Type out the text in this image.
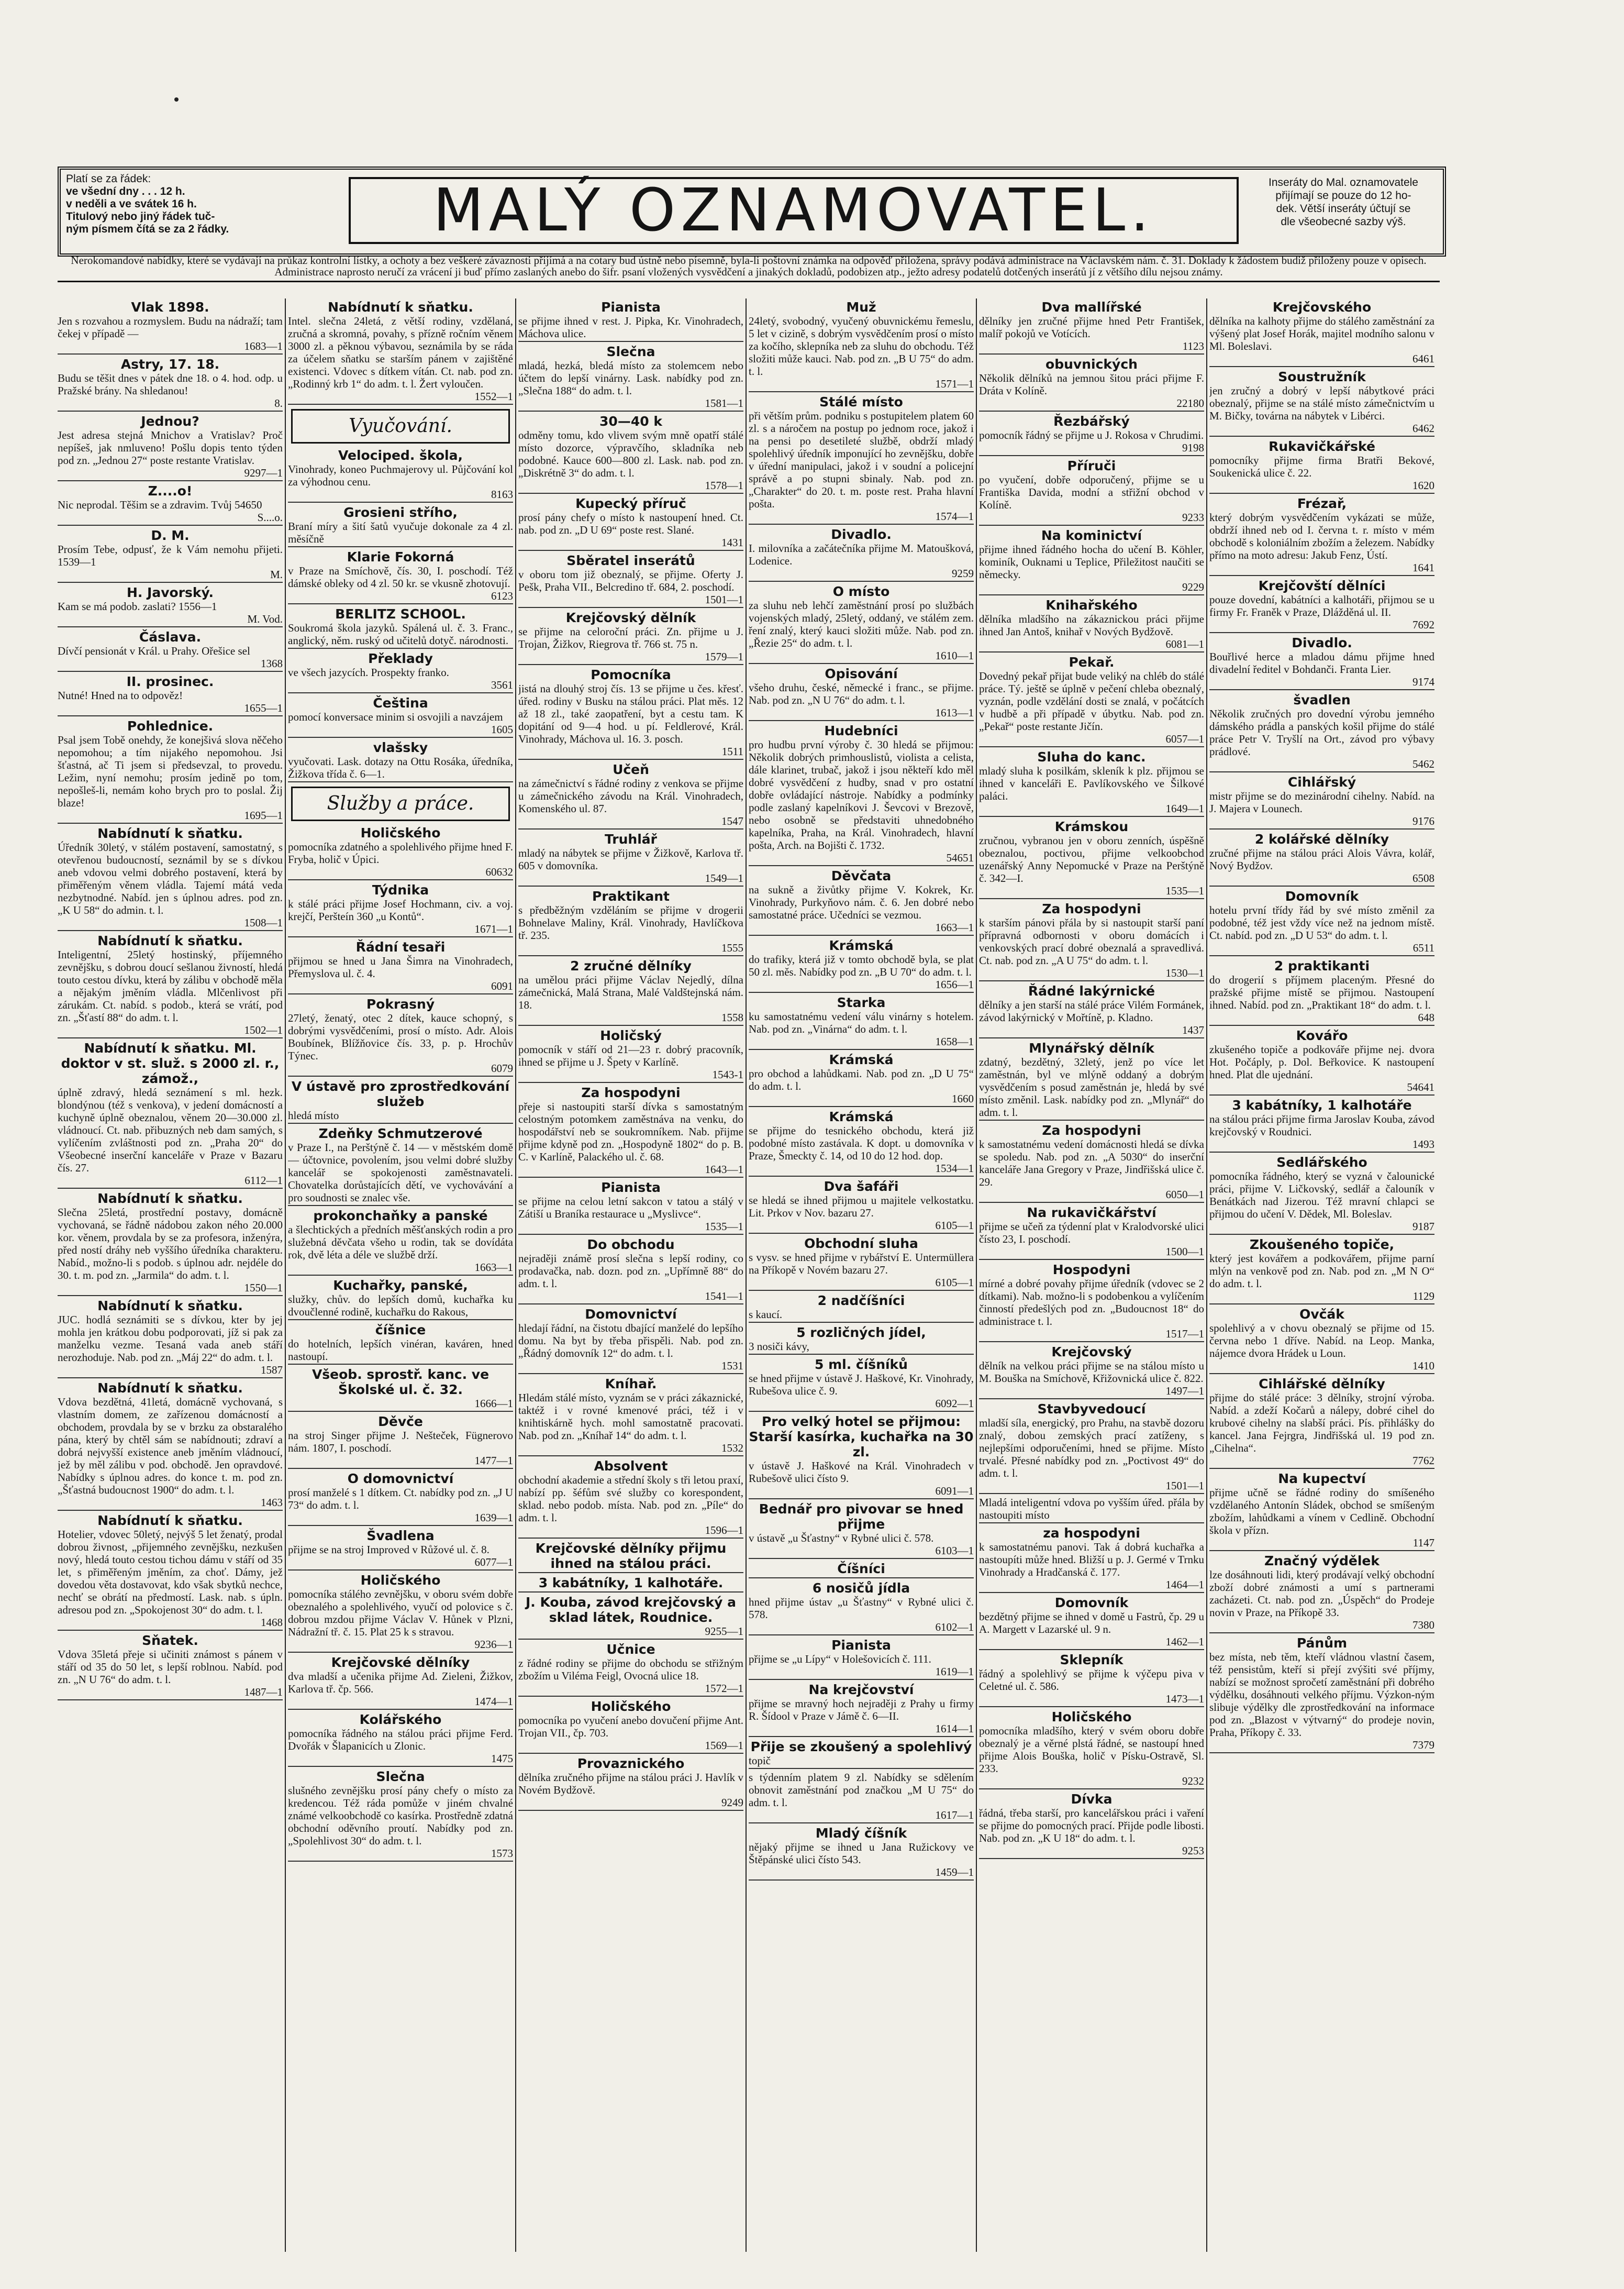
Platí se za řádek:
ve všední dny . . . 12 h.
v neděli a ve svátek 16 h.
Titulový nebo jiný řádek tuč-
ným písmem čítá se za 2 řádky.	MALÝ OZNAMOVATEL.	Inseráty do Mal. oznamovatele
přijímají se pouze do 12 ho-
dek. Větší inseráty účtují se
dle všeobecné sazby výš.
Nerokomandové nabídky, které se vydávají na průkaz kontrolní lístky, a ochoty a bez veškeré závaznosti přijímá a na cotary bud ústně nebo písemně, byla-li poštovní známka na odpověď přiložena, správy podává administrace na Václavském nám. č. 31. Doklady k žádostem budiž přiloženy pouze v opisech. Administrace naprosto neručí za vrácení ji buď přímo zaslaných anebo do šifr. psaní vložených vysvědčení a jinakých dokladů, podobizen atp., ježto adresy podatelů dotčených inserátů jí z většího dílu nejsou známy.
Vlak 1898.
Jen s rozvahou a rozmyslem. Budu na nádraží; tam čekej v případě —
1683—1
Astry, 17. 18.
Budu se těšit dnes v pátek dne 18. o 4. hod. odp. u Pražské brány. Na shledanou!
8.
Jednou?
Jest adresa stejná Mnichov a Vratislav? Proč nepíšeš, jak nmluveno! Pošlu dopis tento týden pod zn. „Jednou 27“ poste restante Vratislav.
9297—1
Z....o!
Nic neprodal. Těšim se a zdravim. Tvůj 54650
S....o.
D. M.
Prosím Tebe, odpusť, že k Vám nemohu přijeti. 1539—1
M.
H. Javorský.
Kam se má podob. zaslati? 1556—1
M. Vod.
Čáslava.
Dívčí pensionát v Král. u Prahy. Ořešice sel
1368
II. prosinec.
Nutné! Hned na to odpověz!
1655—1
Pohlednice.
Psal jsem Tobě onehdy, že konejšivá slova něčeho nepomohou; a tím nijakého nepomohou. Jsi šťastná, ač Ti jsem si předsevzal, to provedu. Ležim, nyní nemohu; prosím jedině po tom, nepošleš-li, nemám koho brych pro to poslal. Žij blaze!
1695—1
Nabídnutí k sňatku.
Úředník 30letý, v stálém postavení, samostatný, s otevřenou budoucností, seznámil by se s dívkou aneb vdovou velmi dobrého postavení, která by přiměřeným věnem vládla. Tajemí mátá veda nezbytnodné. Nabíd. jen s úplnou adres. pod zn. „K U 58“ do admin. t. l.
1508—1
Nabídnutí k sňatku.
Inteligentní, 25letý hostinský, příjemného zevnějšku, s dobrou doucí sešlanou živností, hledá touto cestou dívku, která by zálibu v obchodě měla a nějakým jměním vládla. Mlčenlivost při zárukám. Ct. nabíd. s podob., která se vrátí, pod zn. „Šťastí 88“ do adm. t. l.
1502—1
Nabídnutí k sňatku. Ml. doktor v st. služ. s 2000 zl. r., zámož.,
úplně zdravý, hledá seznámení s ml. hezk. blondýnou (též s venkova), v jedení domácností a kuchyně úplně obeznalou, věnem 20—30.000 zl. vládnoucí. Ct. nab. přibuzných neb dam samých, s vylíčením zvláštnosti pod zn. „Praha 20“ do Všeobecné inserční kanceláře v Praze v Bazaru čís. 27.
6112—1
Nabídnutí k sňatku.
Slečna 25letá, prostřední postavy, domácně vychovaná, se řádně nádobou zakon ného 20.000 kor. věnem, provdala by se za profesora, inženýra, před ností dráhy neb vyššího úředníka charakteru. Nabíd., možno-li s podob. s úplnou adr. nejdéle do 30. t. m. pod zn. „Jarmila“ do adm. t. l.
1550—1
Nabídnutí k sňatku.
JUC. hodlá seznámiti se s dívkou, kter by jej mohla jen krátkou dobu podporovati, jíž si pak za manželku vezme. Tesaná vada aneb stáří nerozhoduje. Nab. pod zn. „Máj 22“ do adm. t. l.
1587
Nabídnutí k sňatku.
Vdova bezdětná, 41letá, domácně vychovaná, s vlastním domem, ze zařízenou domácností a obchodem, provdala by se v brzku za obstaralého pána, který by chtěl sám se nabídnouti; zdraví a dobrá nejvyšší existence aneb jměním vládnoucí, jež by měl zálibu v pod. obchodě. Jen opravdové. Nabídky s úplnou adres. do konce t. m. pod zn. „Šťastná budoucnost 1900“ do adm. t. l.
1463
Nabídnutí k sňatku.
Hotelier, vdovec 50letý, nejvýš 5 let ženatý, prodal dobrou živnost, „přijemného zevnějšku, nezkušen nový, hledá touto cestou tichou dámu v stáří od 35 let, s přiměřeným jměním, za choť. Dámy, jež dovedou věta dostavovat, kdo však sbytků nechce, nechť se obrátí na předmostí. Lask. nab. s úpln. adresou pod zn. „Spokojenost 30“ do adm. t. l.
1468
Sňatek.
Vdova 35letá přeje si učiniti známost s pánem v stáří od 35 do 50 let, s lepší roblnou. Nabíd. pod zn. „N U 76“ do adm. t. l.
1487—1
Nabídnutí k sňatku.
Intel. slečna 24letá, z větší rodiny, vzdělaná, zručná a skromná, povahy, s přízně ročním věnem 3000 zl. a pěknou výbavou, seznámila by se ráda za účelem sňatku se starším pánem v zajištěné existenci. Vdovec s dítkem vítán. Ct. nab. pod zn. „Rodinný krb 1“ do adm. t. l. Žert vyloučen.
1552—1
Vyučování.
Velociped. škola,
Vinohrady, koneo Puchmajerovy ul. Půjčování kol za výhodnou cenu.
8163
Grosieni střího,
Braní míry a šití šatů vyučuje dokonale za 4 zl. měsíčně
Klarie Fokorná
v Praze na Smíchově, čís. 30, I. poschodí. Též dámské obleky od 4 zl. 50 kr. se vkusně zhotovují.
6123
BERLITZ SCHOOL.
Soukromá škola jazyků. Spálená ul. č. 3. Franc., anglický, něm. ruský od učitelů dotyč. národnosti.
Překlady
ve všech jazycích. Prospekty franko.
3561
Čeština
pomocí konversace minim si osvojili a navzájem
1605
vlašsky
vyučovati. Lask. dotazy na Ottu Rosáka, úředníka, Žižkova třída č. 6—1.
Služby a práce.
Holičského
pomocníka zdatného a spolehlivého přijme hned F. Fryba, holič v Úpici.
60632
Týdnika
k stálé práci přijme Josef Hochmann, civ. a voj. krejčí, Peršteín 360 „u Kontů“.
1671—1
Řádní tesaři
přijmou se hned u Jana Šimra na Vinohradech, Přemyslova ul. č. 4.
6091
Pokrasný
27letý, ženatý, otec 2 dítek, kauce schopný, s dobrými vysvědčeními, prosí o místo. Adr. Alois Boubínek, Blížňovice čís. 33, p. p. Hrochův Týnec.
6079
V ústavě pro zprostředkování služeb
hledá místo
Zdeňky Schmutzerové
v Praze I., na Perštýně č. 14 — v městském domě — účtovnice, povolením, jsou velmi dobré služby kancelář se spokojenosti zaměstnavateli. Chovatelka dorůstajících dětí, ve vychovávání a pro soudnosti se znalec vše.
prokonchaňky a panské
a šlechtických a předních měšťanských rodin a pro služebná děvčata všeho u rodin, tak se dovídáta rok, dvě léta a déle ve službě drží.
1663—1
Kuchařky, panské,
služky, chův. do lepších domů, kuchařka ku dvoučlenné rodině, kuchařku do Rakous,
číšnice
do hotelních, lepších vinéran, kaváren, hned nastoupí.
Všeob. sprostř. kanc. ve Školské ul. č. 32.
1666—1
Děvče
na stroj Singer přijme J. Nešteček, Fügnerovo nám. 1807, I. poschodí.
1477—1
O domovnictví
prosí manželé s 1 dítkem. Ct. nabídky pod zn. „J U 73“ do adm. t. l.
1639—1
Švadlena
přijme se na stroj Improved v Růžové ul. č. 8.
6077—1
Holičského
pomocníka stálého zevnějšku, v oboru svém dobře obeznalého a spolehlivého, vyučí od polovice s č. dobrou mzdou přijme Václav V. Hůnek v Plzni, Nádražní tř. č. 15. Plat 25 k s stravou.
9236—1
Krejčovské dělníky
dva mladší a učenika přijme Ad. Zieleni, Žižkov, Karlova tř. čp. 566.
1474—1
Kolářského
pomocníka řádného na stálou práci přijme Ferd. Dvořák v Šlapanicích u Zlonic.
1475
Slečna
slušného zevnějšku prosí pány chefy o místo za kredencou. Též ráda pomůže v jiném chvalné známé velkoobchodě co kasírka. Prostředně zdatná obchodní oděvního proutí. Nabídky pod zn. „Spolehlivost 30“ do adm. t. l.
1573
Pianista
se přijme ihned v rest. J. Pipka, Kr. Vinohradech, Máchova ulice.
Slečna
mladá, hezká, bledá místo za stolemcem nebo účtem do lepší vinárny. Lask. nabídky pod zn. „Slečna 188“ do adm. t. l.
1581—1
30—40 k
odměny tomu, kdo vlivem svým mně opatří stálé místo dozorce, výpravčího, skladníka neb podobné. Kauce 600—800 zl. Lask. nab. pod zn. „Diskrétně 3“ do adm. t. l.
1578—1
Kupecký příruč
prosí pány chefy o místo k nastoupení hned. Ct. nab. pod zn. „D U 69“ poste rest. Slané.
1431
Sběratel inserátů
v oboru tom již obeznalý, se přijme. Oferty J. Pešk, Praha VII., Belcredino tř. 684, 2. poschodí.
1501—1
Krejčovský dělník
se přijme na celoroční práci. Zn. přijme u J. Trojan, Žižkov, Riegrova tř. 766 st. 75 n.
1579—1
Pomocníka
jistá na dlouhý stroj čís. 13 se přijme u čes. křesť. úřed. rodiny v Busku na stálou práci. Plat měs. 12 až 18 zl., také zaopatření, byt a cestu tam. K dopitání od 9—4 hod. u pí. Feldlerové, Král. Vinohrady, Máchova ul. 16. 3. posch.
1511
Učeň
na zámečnictví s řádné rodiny z venkova se přijme u zámečnického závodu na Král. Vinohradech, Komenského ul. 87.
1547
Truhlář
mladý na nábytek se přijme v Žižkově, Karlova tř. 605 v domovníka.
1549—1
Praktikant
s předběžným vzděláním se přijme v drogerii Bohnelave Maliny, Král. Vinohrady, Havlíčkova tř. 235.
1555
2 zručné dělníky
na umělou práci přijme Václav Nejedlý, dílna zámečnická, Malá Strana, Malé Valdštejnská nám. 18.
1558
Holičský
pomocník v stáří od 21—23 r. dobrý pracovník, ihned se přijme u J. Špety v Karlíně.
1543-1
Za hospodyni
přeje si nastoupiti starší dívka s samostatným celostným potomkem zaměstnáva na venku, do hospodářství neb se soukromníkem. Nab. přijme přijme kdyně pod zn. „Hospodyně 1802“ do p. B. C. v Karlíně, Palackého ul. č. 68.
1643—1
Pianista
se přijme na celou letní sakcon v tatou a stálý v Zátiší u Braníka restaurace u „Myslivce“.
1535—1
Do obchodu
nejraději známě prosí slečna s lepší rodiny, co prodavačka, nab. dozn. pod zn. „Upřímně 88“ do adm. t. l.
1541—1
Domovnictví
hledají řádní, na čistotu dbající manželé do lepšího domu. Na byt by třeba přispěli. Nab. pod zn. „Řádný domovník 12“ do adm. t. l.
1531
Kníhař.
Hledám stálé místo, vyznám se v práci zákaznické, taktéž i v rovné kmenové práci, též i v knihtiskárně hych. mohl samostatně pracovati. Nab. pod zn. „Kníhař 14“ do adm. t. l.
1532
Absolvent
obchodní akademie a střední školy s tři letou praxí, nabízí pp. šéfům své služby co korespondent, sklad. nebo podob. místa. Nab. pod zn. „Píle“ do adm. t. l.
1596—1
Krejčovské dělníky přijmu ihned na stálou práci.
3 kabátníky, 1 kalhotáře.
J. Kouba, závod krejčovský a sklad látek, Roudnice.
9255—1
Učnice
z řádné rodiny se přijme do obchodu se střižným zbožím u Viléma Feigl, Ovocná ulice 18.
1572—1
Holičského
pomocníka po vyučení anebo dovučení přijme Ant. Trojan VII., čp. 703.
1569—1
Provaznického
dělníka zručného přijme na stálou práci J. Havlík v Novém Bydžově.
9249
Muž
24letý, svobodný, vyučený obuvnickému řemeslu, 5 let v cizině, s dobrým vysvědčením prosí o místo za kočího, sklepníka neb za sluhu do obchodu. Též složiti může kauci. Nab. pod zn. „B U 75“ do adm. t. l.
1571—1
Stálé místo
při větším prům. podniku s postupitelem platem 60 zl. s a náročem na postup po jednom roce, jakož i na pensi po desetileté službě, obdrží mladý spolehlivý úředník imponující ho zevnějšku, dobře v úřední manipulaci, jakož i v soudní a policejní správě a po stupni sbinaly. Nab. pod zn. „Charakter“ do 20. t. m. poste rest. Praha hlavní pošta.
1574—1
Divadlo.
I. milovníka a začátečníka přijme M. Matoušková, Lodenice.
9259
O místo
za sluhu neb lehčí zaměstnání prosí po službách vojenských mladý, 25letý, oddaný, ve stálém zem. ření znalý, který kauci složiti může. Nab. pod zn. „Řezie 25“ do adm. t. l.
1610—1
Opisování
všeho druhu, české, německé i franc., se přijme. Nab. pod zn. „N U 76“ do adm. t. l.
1613—1
Hudebníci
pro hudbu první výroby č. 30 hledá se přijmou: Několik dobrých primhouslistů, violista a celista, dále klarinet, trubač, jakož i jsou někteří kdo měl dobré vysvědčení z hudby, snad v pro ostatní dobře ovládající nástroje. Nabídky a podmínky podle zaslaný kapelníkovi J. Ševcovi v Brezově, nebo osobně se představiti uhnedobného kapelníka, Praha, na Král. Vinohradech, hlavní pošta, Arch. na Bojišti č. 1732.
54651
Děvčata
na sukně a živůtky přijme V. Kokrek, Kr. Vinohrady, Purkyňovo nám. č. 6. Jen dobré nebo samostatné práce. Učedníci se vezmou.
1663—1
Krámská
do trafiky, která již v tomto obchodě byla, se plat 50 zl. měs. Nabídky pod zn. „B U 70“ do adm. t. l.
1656—1
Starka
ku samostatnému vedení válu vinárny s hotelem. Nab. pod zn. „Vinárna“ do adm. t. l.
1658—1
Krámská
pro obchod a lahůdkami. Nab. pod zn. „D U 75“ do adm. t. l.
1660
Krámská
se přijme do tesnického obchodu, která již podobné místo zastávala. K dopt. u domovníka v Praze, Šmeckty č. 14, od 10 do 12 hod. dop.
1534—1
Dva šafáři
se hledá se ihned přijmou u majitele velkostatku. Lit. Prkov v Nov. bazaru 27.
6105—1
Obchodní sluha
s vysv. se hned přijme v rybářství E. Untermüllera na Příkopě v Novém bazaru 27.
6105—1
2 nadčíšníci
s kaucí.
5 rozličných jídel,
3 nosiči kávy,
5 ml. číšníků
se hned přijme v ústavě J. Haškové, Kr. Vinohrady, Rubešova ulice č. 9.
6092—1
Pro velký hotel se přijmou: Starší kasírka, kuchařka na 30 zl.
v ústavě J. Haškové na Král. Vinohradech v Rubešově ulici čísto 9.
6091—1
Bednář pro pivovar se hned přijme
v ústavě „u Šťastny“ v Rybné ulici č. 578.
6103—1
Číšníci
6 nosičů jídla
hned přijme ústav „u Šťastny“ v Rybné ulici č. 578.
6102—1
Pianista
přijme se „u Lípy“ v Holešovicích č. 111.
1619—1
Na krejčovství
přijme se mravný hoch nejraději z Prahy u firmy R. Šídool v Praze v Jámě č. 6—II.
1614—1
Přije se zkoušený a spolehlivý
topič
s týdenním platem 9 zl. Nabídky se sdělením obnovit zaměstnání pod značkou „M U 75“ do adm. t. l.
1617—1
Mladý číšník
nějaký přijme se ihned u Jana Ružickovy ve Štěpánské ulici čísto 543.
1459—1
Dva mallířské
dělníky jen zručné přijme hned Petr František, malíř pokojů ve Votících.
1123
obuvnických
Několik dělníků na jemnou šitou práci přijme F. Dráta v Kolíně.
22180
Řezbářský
pomocník řádný se přijme u J. Rokosa v Chrudimi.
9198
Příruči
po vyučení, dobře odporučený, přijme se u Františka Davida, modní a střižní obchod v Kolíně.
9233
Na kominictví
přijme ihned řádného hocha do učení B. Köhler, kominík, Ouknami u Teplice, Přiležitost naučiti se německy.
9229
Knihařského
dělníka mladšího na zákaznickou práci přijme ihned Jan Antoš, knihař v Nových Bydžově.
6081—1
Pekař.
Dovedný pekař přijat bude veliký na chléb do stálé práce. Tý. ještě se úplně v pečení chleba obeznalý, vyznán, podle vzdělání dosti se znalá, v počátcích v hudbě a při případě v úbytku. Nab. pod zn. „Pekař“ poste restante Jičín.
6057—1
Sluha do kanc.
mladý sluha k posilkám, skleník k plz. přijmou se ihned v kanceláři E. Pavlíkovského ve Šilkové paláci.
1649—1
Krámskou
zručnou, vybranou jen v oboru zenních, úspěšně obeznalou, poctivou, přijme velkoobchod uzenářský Anny Nepomucké v Praze na Perštýně č. 342—I.
1535—1
Za hospodyni
k starším pánovi přála by si nastoupit starší paní přípravná odbornosti v oboru domácích i venkovských prací dobré obeznalá a spravedlivá. Ct. nab. pod zn. „A U 75“ do adm. t. l.
1530—1
Řádné lakýrnické
dělníky a jen starší na stálé práce Vilém Formánek, závod lakýrnický v Mořtíně, p. Kladno.
1437
Mlynářský dělník
zdatný, bezdětný, 32letý, jenž po více let zaměstnán, byl ve mlýně oddaný a dobrým vysvědčením s posud zaměstnán je, hledá by své místo změnil. Lask. nabídky pod zn. „Mlynář“ do adm. t. l.
Za hospodyni
k samostatnému vedení domácnosti hledá se dívka se spoledu. Nab. pod zn. „A 5030“ do inserční kanceláře Jana Gregory v Praze, Jindřišská ulice č. 29.
6050—1
Na rukavičkářství
přijme se učeň za týdenní plat v Kralodvorské ulici čísto 23, I. poschodí.
1500—1
Hospodyni
mírné a dobré povahy přijme úředník (vdovec se 2 dítkami). Nab. možno-li s podobenkou a vylíčením činností předešlých pod zn. „Budoucnost 18“ do administrace t. l.
1517—1
Krejčovský
dělník na velkou práci přijme se na stálou místo u M. Bouška na Smíchově, Křižovnická ulice č. 822.
1497—1
Stavbyvedoucí
mladší síla, energický, pro Prahu, na stavbě dozoru znalý, dobou zemských prací zatíženy, s nejlepšími odporučeními, hned se přijme. Místo trvalé. Přesné nabídky pod zn. „Poctivost 49“ do adm. t. l.
1501—1
Mladá inteligentní vdova po vyšším úřed. přála by nastoupiti místo
za hospodyni
k samostatnému panovi. Tak á dobrá kuchařka a nastoupíti může hned. Bližší u p. J. Germé v Trnku Vinohrady a Hradčanská č. 177.
1464—1
Domovník
bezdětný přijme se ihned v domě u Fastrů, čp. 29 u A. Margett v Lazarské ul. 9 n.
1462—1
Sklepník
řádný a spolehlivý se přijme k výčepu piva v Celetné ul. č. 586.
1473—1
Holičského
pomocníka mladšího, který v svém oboru dobře obeznalý je a věrné plstá řádné, se nastoupí hned přijme Alois Bouška, holič v Písku-Ostravě, Sl. 233.
9232
Dívka
řádná, třeba starší, pro kancelářskou práci i vaření se přijme do pomocných prací. Přijde podle libosti. Nab. pod zn. „K U 18“ do adm. t. l.
9253
Krejčovského
dělníka na kalhoty přijme do stálého zaměstnání za výšený plat Josef Horák, majitel modního salonu v Ml. Boleslavi.
6461
Soustružník
jen zručný a dobrý v lepší nábytkové práci obeznalý, přijme se na stálé místo zámečnictvím u M. Bičky, továrna na nábytek v Libérci.
6462
Rukavičkářské
pomocníky přijme firma Bratři Bekové, Soukenická ulice č. 22.
1620
Frézař,
který dobrým vysvědčením vykázati se může, obdrží ihned neb od I. června t. r. místo v mém obchodě s koloniálním zbožím a železem. Nabídky přímo na moto adresu: Jakub Fenz, Ústí.
1641
Krejčovští dělníci
pouze dovední, kabátníci a kalhotáři, přijmou se u firmy Fr. Franěk v Praze, Dlážděná ul. II.
7692
Divadlo.
Bouřlivé herce a mladou dámu přijme hned divadelní ředitel v Bohdanči. Franta Lier.
9174
švadlen
Několik zručných pro dovední výrobu jemného dámského prádla a panských košil přijme do stálé práce Petr V. Tryšlí na Ort., závod pro výbavy prádlové.
5462
Cihlářský
mistr přijme se do mezinárodní cihelny. Nabíd. na J. Majera v Lounech.
9176
2 kolářské dělníky
zručné přijme na stálou práci Alois Vávra, kolář, Nový Bydžov.
6508
Domovník
hotelu první třídy řád by své místo změnil za podobné, též jest vždy více než na jednom místě. Ct. nabíd. pod zn. „D U 53“ do adm. t. l.
6511
2 praktikanti
do drogerií s příjmem placeným. Přesné do pražské přijme místě se přijmou. Nastoupení ihned. Nabíd. pod zn. „Praktikant 18“ do adm. t. l.
648
Kovářo
zkušeného topiče a podkováře přijme nej. dvora Hot. Počáply, p. Dol. Beřkovice. K nastoupení hned. Plat dle ujednání.
54641
3 kabátníky, 1 kalhotáře
na stálou práci přijme firma Jaroslav Kouba, závod krejčovský v Roudnici.
1493
Sedlářského
pomocníka řádného, který se vyzná v čalounické práci, přijme V. Ličkovský, sedlář a čalouník v Benátkách nad Jizerou. Též mravní chlapci se přijmou do učení V. Dědek, Ml. Boleslav.
9187
Zkoušeného topiče,
který jest kovářem a podkovářem, přijme parní mlýn na venkově pod zn. Nab. pod zn. „M N O“ do adm. t. l.
1129
Ovčák
spolehlivý a v chovu obeznalý se přijme od 15. června nebo 1 dříve. Nabíd. na Leop. Manka, nájemce dvora Hrádek u Loun.
1410
Cihlářské dělníky
přijme do stálé práce: 3 dělníky, strojní výroba. Nabíd. a zdeží Kočarů a nálepy, dobré cihel do krubové cihelny na slabší práci. Pís. přihlášky do kancel. Jana Fejrgra, Jindřišská ul. 19 pod zn. „Cihelna“.
7762
Na kupectví
přijme učně se řádné rodiny do smíšeného vzdělaného Antonín Sládek, obchod se smíšeným zbožím, lahůdkami a vínem v Cedlině. Obchodní škola v přízn.
1147
Značný výdělek
lze dosáhnouti lidi, který prodávají velký obchodní zboží dobré známosti a umí s partnerami zacházeti. Ct. nab. pod zn. „Úspěch“ do Prodeje novin v Praze, na Příkopě 33.
7380
Pánům
bez místa, neb těm, kteří vládnou vlastní časem, též pensistům, kteří si přejí zvýšiti své příjmy, nabízí se možnost spročetí zaměstnání při dobrého výdělku, dosáhnouti velkého příjmu. Výzkon-ným slibuje výdělky dle zprostředkování na informace pod zn. „Blazost v výtvarný“ do prodeje novin, Praha, Příkopy č. 33.
7379
